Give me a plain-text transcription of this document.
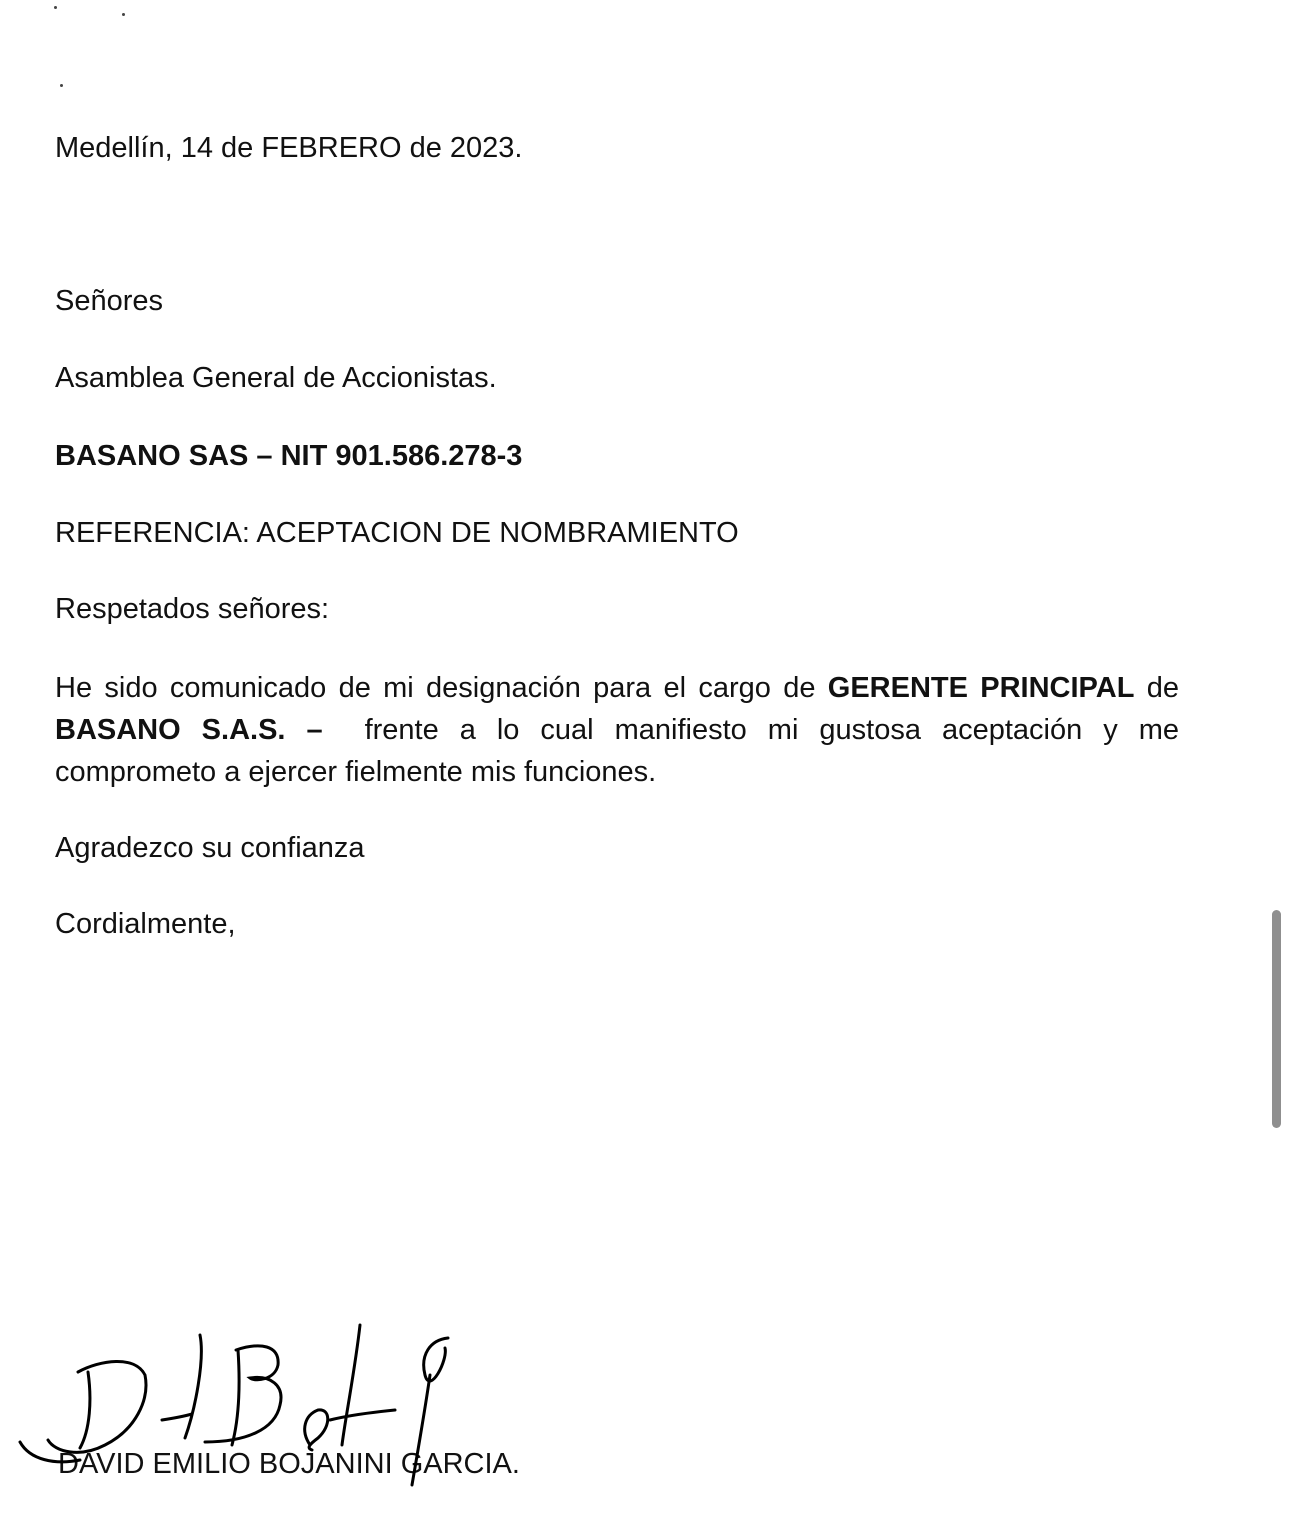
Medellín, 14 de FEBRERO de 2023.
Señores
Asamblea General de Accionistas.
BASANO SAS – NIT 901.586.278-3
REFERENCIA: ACEPTACION DE NOMBRAMIENTO
Respetados señores:
He sido comunicado de mi designación para el cargo de GERENTE PRINCIPAL de BASANO S.A.S. –  frente a lo cual manifiesto mi gustosa aceptación y me comprometo a ejercer fielmente mis funciones.
Agradezco su confianza
Cordialmente,
DAVID EMILIO BOJANINI GARCIA.
